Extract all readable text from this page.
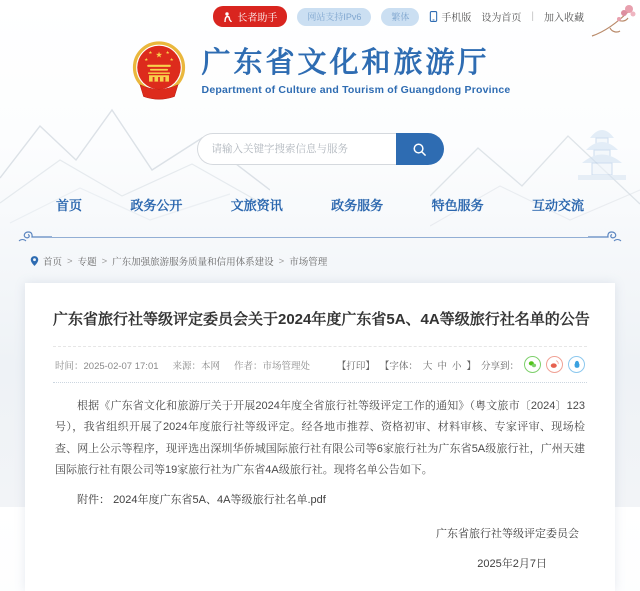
长者助手	网站支持IPv6	繁体	手机版 设为首页 | 加入收藏
★
★	★
★	★ 广东省文化和旅游厅
Department of Culture and Tourism of Guangdong Province
请输入关键字搜索信息与服务
首页	政务公开	文旅资讯	政务服务	特色服务	互动交流
首页 > 专题 > 广东加强旅游服务质量和信用体系建设 > 市场管理
广东省旅行社等级评定委员会关于2024年度广东省5A、4A等级旅行社名单的公告
时间：2025-02-07 17:01 来源：本网 作者：市场管理处	【打印】 【字体： 大 中 小 】 分享到：

根据《广东省文化和旅游厅关于开展2024年度全省旅行社等级评定工作的通知》（粤文旅市〔2024〕123号），我省组织开展了2024年度旅行社等级评定。经各地市推荐、资格初审、材料审核、专家评审、现场检查、网上公示等程序，现评选出深圳华侨城国际旅行社有限公司等6家旅行社为广东省5A级旅行社，广州天建国际旅行社有限公司等19家旅行社为广东省4A级旅行社。现将名单公告如下。

附件： 2024年度广东省5A、4A等级旅行社名单.pdf

广东省旅行社等级评定委员会

2025年2月7日
